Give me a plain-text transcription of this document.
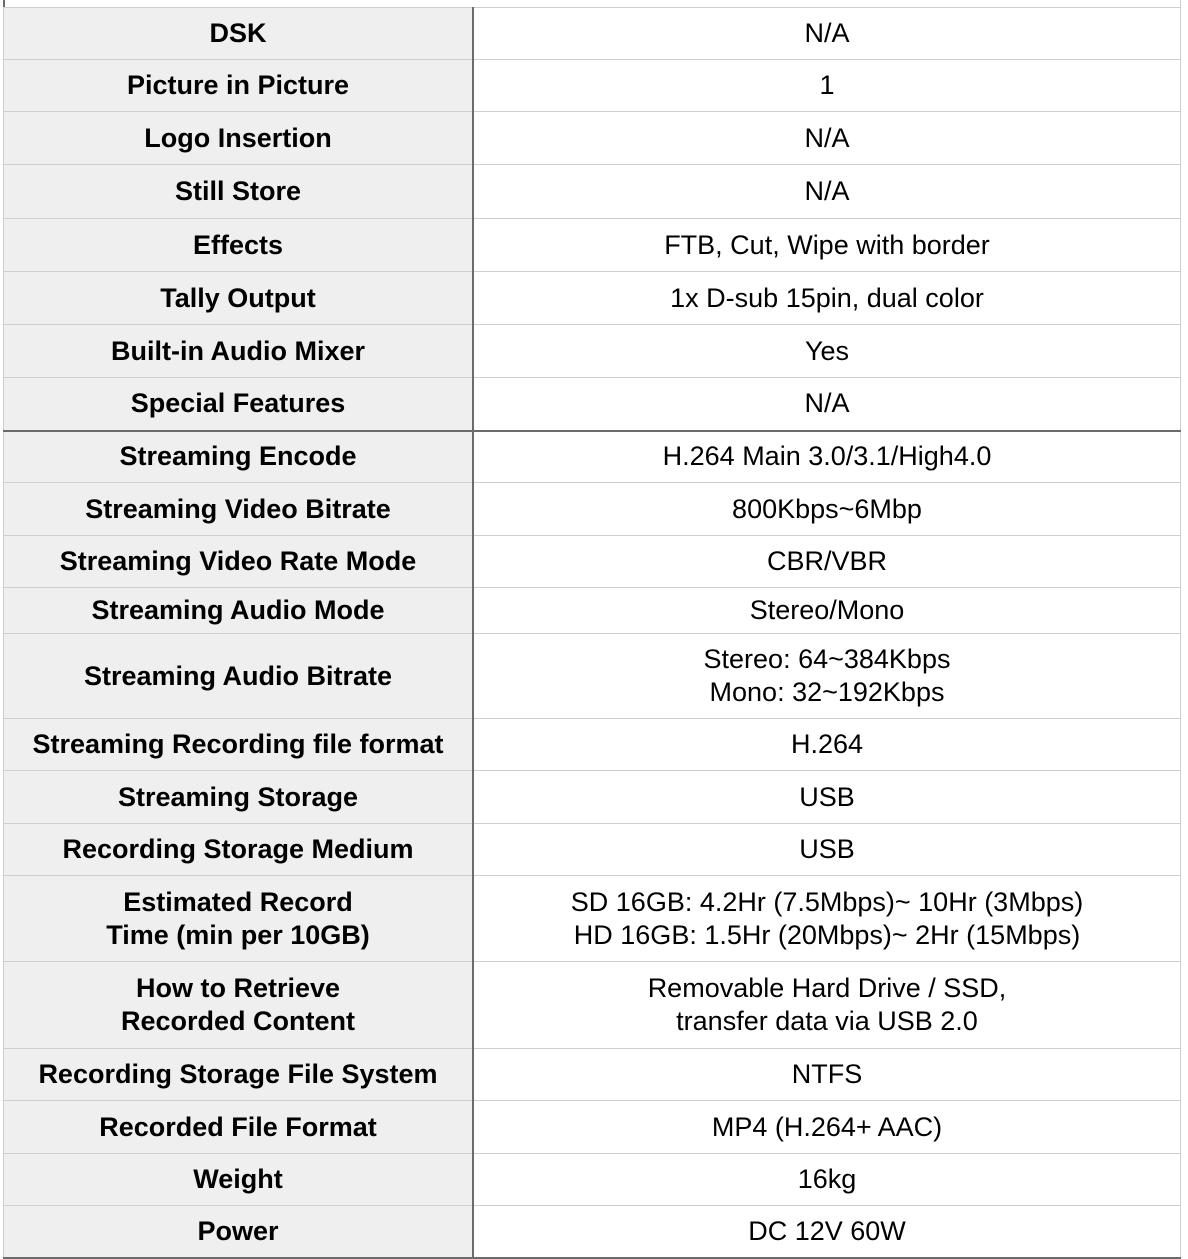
DSK	N/A
Picture in Picture	1
Logo Insertion	N/A
Still Store	N/A
Effects	FTB, Cut, Wipe with border
Tally Output	1x D-sub 15pin, dual color
Built-in Audio Mixer	Yes
Special Features	N/A
Streaming Encode	H.264 Main 3.0/3.1/High4.0
Streaming Video Bitrate	800Kbps~6Mbp
Streaming Video Rate Mode	CBR/VBR
Streaming Audio Mode	Stereo/Mono
Streaming Audio Bitrate	Stereo: 64~384Kbps
Mono: 32~192Kbps
Streaming Recording file format	H.264
Streaming Storage	USB
Recording Storage Medium	USB
Estimated Record
Time (min per 10GB)	SD 16GB: 4.2Hr (7.5Mbps)~ 10Hr (3Mbps)
HD 16GB: 1.5Hr (20Mbps)~ 2Hr (15Mbps)
How to Retrieve
Recorded Content	Removable Hard Drive / SSD,
transfer data via USB 2.0
Recording Storage File System	NTFS
Recorded File Format	MP4 (H.264+ AAC)
Weight	16kg
Power	DC 12V 60W
